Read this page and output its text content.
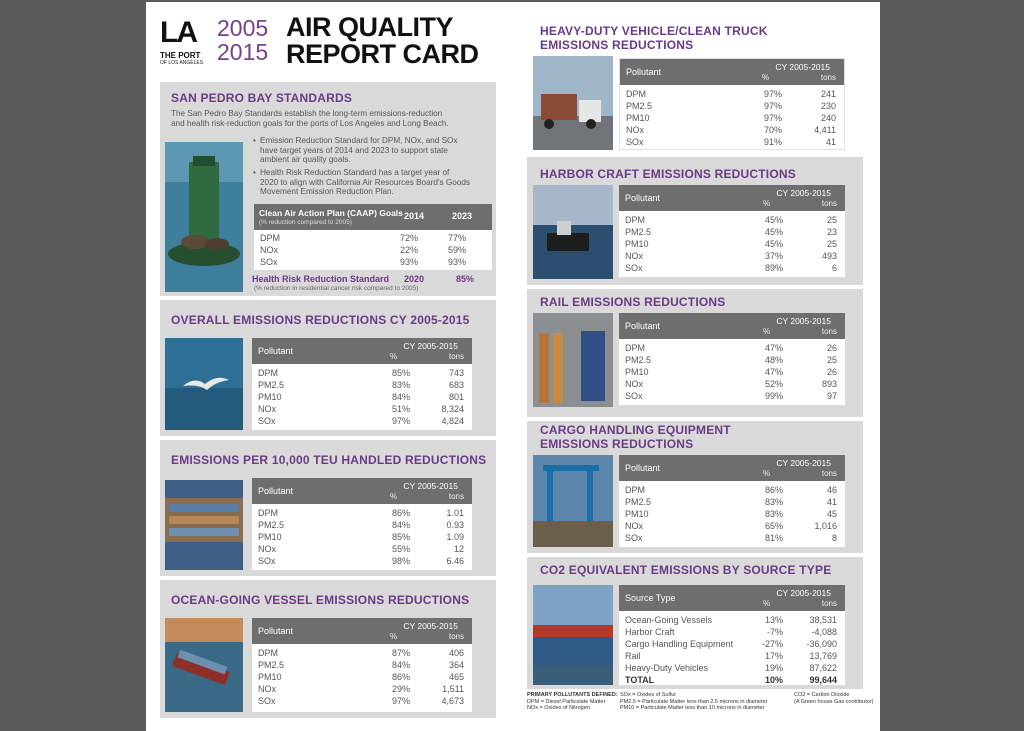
LA
THE PORT
OF LOS ANGELES
2005
2015
AIR QUALITY
REPORT CARD
SAN PEDRO BAY STANDARDS
The San Pedro Bay Standards establish the long-term emissions-reduction
and health risk-reduction goals for the ports of Los Angeles and Long Beach.
• Emission Reduction Standard for DPM, NOx, and SOx
have target years of 2014 and 2023 to support state
ambient air quality goals.
• Health Risk Reduction Standard has a target year of
2020 to align with California Air Resources Board's Goods
Movement Emission Reduction Plan.
Clean Air Action Plan (CAAP) Goals
(% reduction compared to 2005)
2014	2023
DPM	72%	77%
NOx	22%	59%
SOx	93%	93%
Health Risk Reduction Standard 2020	85%
(% reduction in residential cancer risk compared to 2005)
OVERALL EMISSIONS REDUCTIONS CY 2005-2015
Pollutant	CY 2005-2015
%	tons
DPM	85%	743
PM2.5	83%	683
PM10	84%	801
NOx	51%	8,324
SOx	97%	4,824
EMISSIONS PER 10,000 TEU HANDLED REDUCTIONS
Pollutant	CY 2005-2015
%	tons
DPM	86%	1.01
PM2.5	84%	0.93
PM10	85%	1.09
NOx	55%	12
SOx	98%	6.46
OCEAN-GOING VESSEL EMISSIONS REDUCTIONS
Pollutant	CY 2005-2015
%	tons
DPM	87%	406
PM2.5	84%	364
PM10	86%	465
NOx	29%	1,511
SOx	97%	4,673
HEAVY-DUTY VEHICLE/CLEAN TRUCK
EMISSIONS REDUCTIONS
Pollutant	CY 2005-2015
%	tons
DPM	97%	241
PM2.5	97%	230
PM10	97%	240
NOx	70%	4,411
SOx	91%	41
HARBOR CRAFT EMISSIONS REDUCTIONS
Pollutant	CY 2005-2015
%	tons
DPM	45%	25
PM2.5	45%	23
PM10	45%	25
NOx	37%	493
SOx	89%	6
RAIL EMISSIONS REDUCTIONS
Pollutant	CY 2005-2015
%	tons
DPM	47%	26
PM2.5	48%	25
PM10	47%	26
NOx	52%	893
SOx	99%	97
CARGO HANDLING EQUIPMENT
EMISSIONS REDUCTIONS
Pollutant	CY 2005-2015
%	tons
DPM	86%	46
PM2.5	83%	41
PM10	83%	45
NOx	65%	1,016
SOx	81%	8
CO2 EQUIVALENT EMISSIONS BY SOURCE TYPE
Source Type	CY 2005-2015
%	tons
Ocean-Going Vessels	13%	38,531
Harbor Craft	-7%	-4,088
Cargo Handling Equipment	-27%	-36,090
Rail	17%	13,769
Heavy-Duty Vehicles	19%	87,622
TOTAL	10%	99,644
PRIMARY POLLUTANTS DEFINED:
DPM = Diesel Particulate Matter
NOx = Oxides of Nitrogen
SOx = Oxides of Sulfur
PM2.5 = Particulate Matter less than 2.5 microns in diameter
PM10 = Particulate Matter less than 10 microns in diameter
CO2 = Carbon Dioxide
(A Green house Gas contributor)
